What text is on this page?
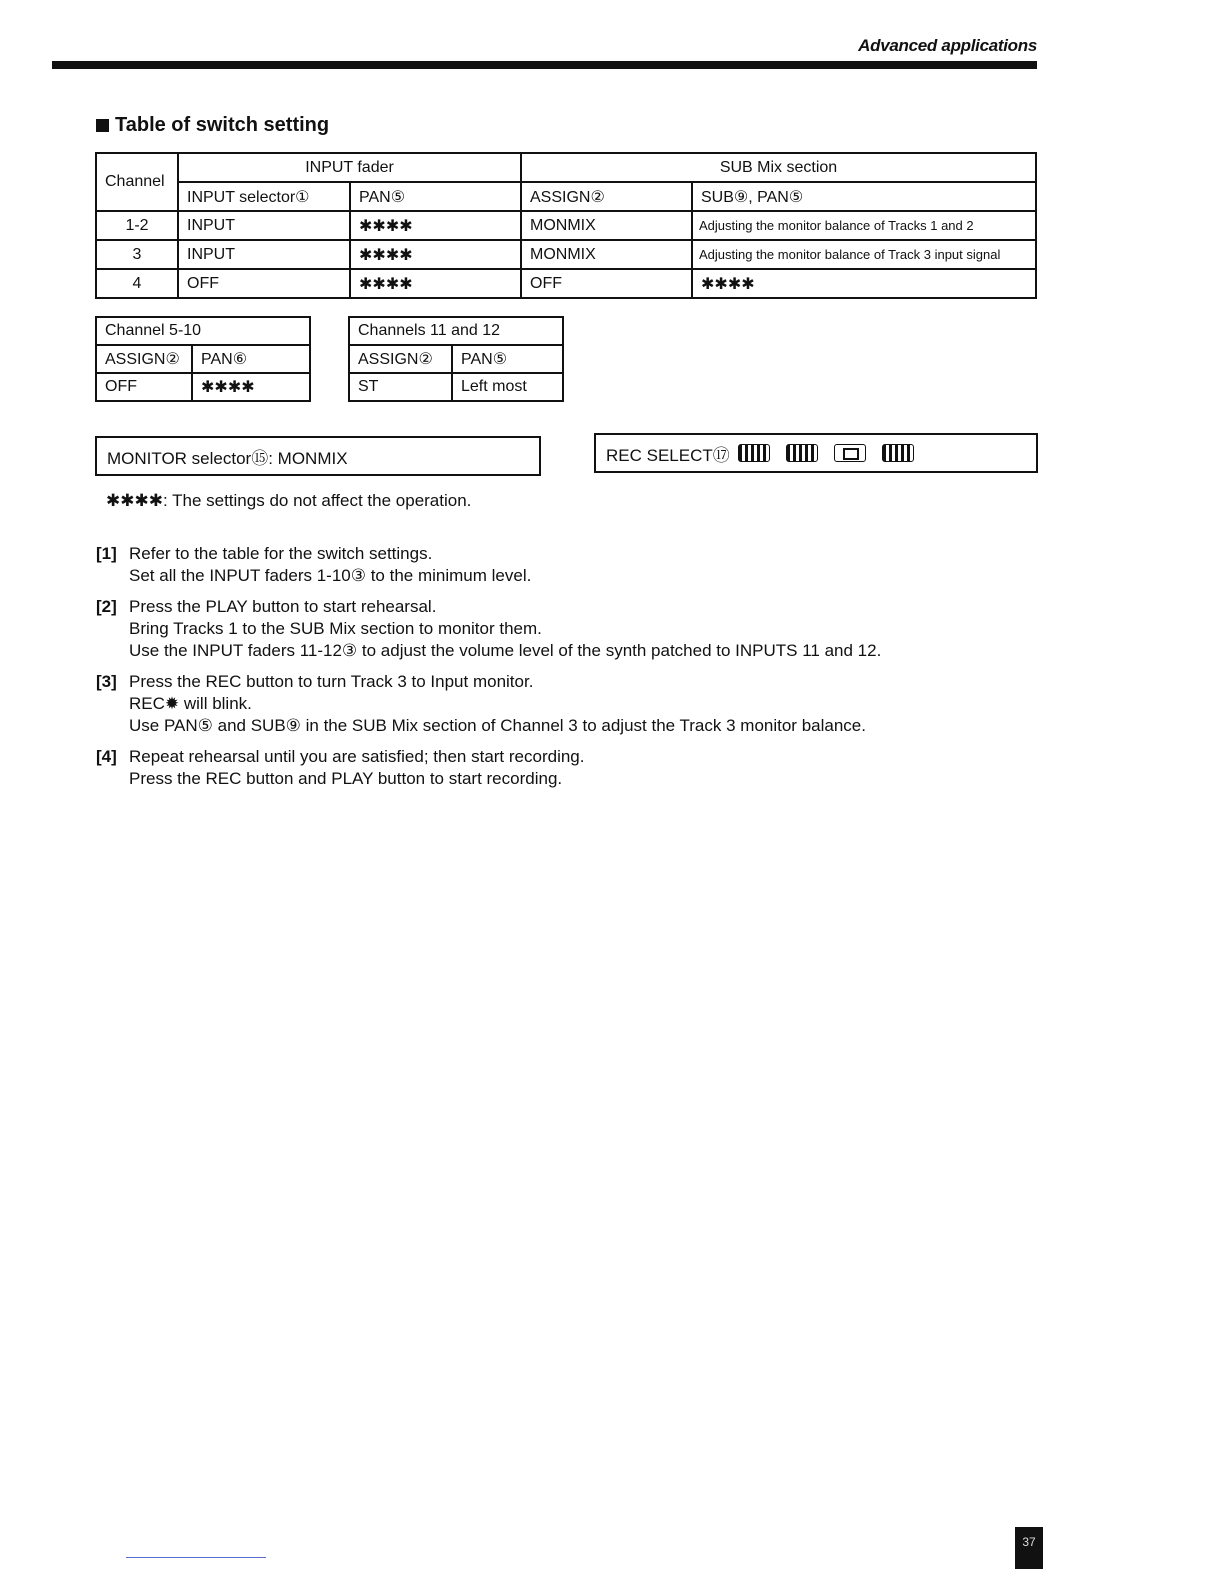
Advanced applications
Table of switch setting
Channel	INPUT fader		SUB Mix section	
	INPUT selector①	PAN⑤	ASSIGN②	SUB⑨, PAN⑤
1-2	INPUT	✱✱✱✱	MONMIX	Adjusting the monitor balance of Tracks 1 and 2
3	INPUT	✱✱✱✱	MONMIX	Adjusting the monitor balance of Track 3 input signal
4	OFF	✱✱✱✱	OFF	✱✱✱✱
Channel 5-10	
ASSIGN②	PAN⑥
OFF	✱✱✱✱
Channels 11 and 12	
ASSIGN②	PAN⑤
ST	Left most
MONITOR selector⑮: MONMIX	REC SELECT⑰
✱✱✱✱: The settings do not affect the operation.
[1] Refer to the table for the switch settings.
Set all the INPUT faders 1-10③ to the minimum level.
[2] Press the PLAY button to start rehearsal.
Bring Tracks 1 to the SUB Mix section to monitor them.
Use the INPUT faders 11-12③ to adjust the volume level of the synth patched to INPUTS 11 and 12.
[3] Press the REC button to turn Track 3 to Input monitor.
REC✹ will blink.
Use PAN⑤ and SUB⑨ in the SUB Mix section of Channel 3 to adjust the Track 3 monitor balance.
[4] Repeat rehearsal until you are satisfied; then start recording.
Press the REC button and PLAY button to start recording.
37
